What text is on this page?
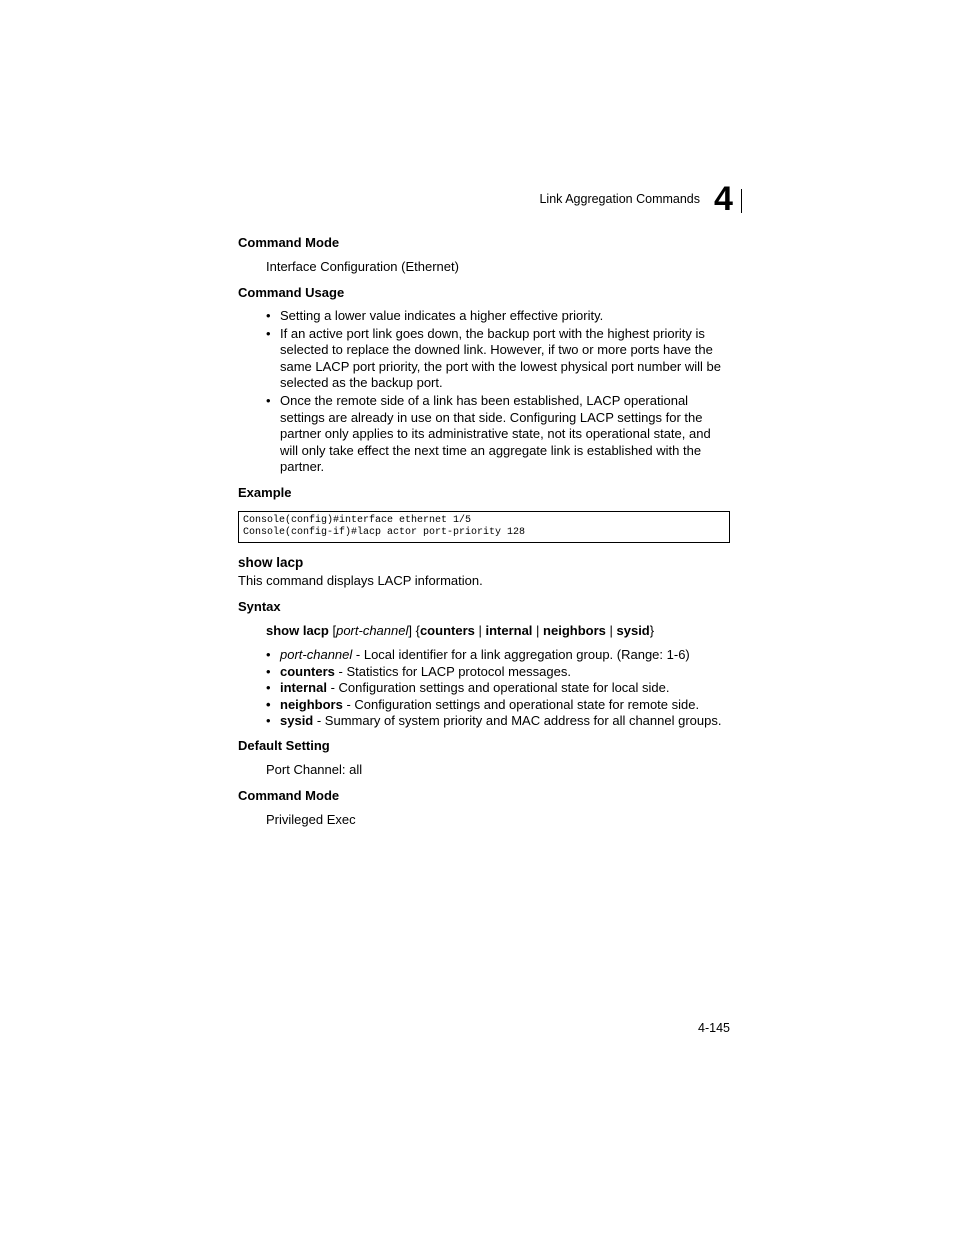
Link Aggregation Commands 4
Command Mode
Interface Configuration (Ethernet)
Command Usage
• Setting a lower value indicates a higher effective priority.
• If an active port link goes down, the backup port with the highest priority is selected to replace the downed link. However, if two or more ports have the same LACP port priority, the port with the lowest physical port number will be selected as the backup port.
• Once the remote side of a link has been established, LACP operational settings are already in use on that side. Configuring LACP settings for the partner only applies to its administrative state, not its operational state, and will only take effect the next time an aggregate link is established with the partner.
Example
Console(config)#interface ethernet 1/5
Console(config-if)#lacp actor port-priority 128
show lacp
This command displays LACP information.
Syntax
show lacp [port-channel] {counters | internal | neighbors | sysid}
• port-channel - Local identifier for a link aggregation group. (Range: 1-6)
• counters - Statistics for LACP protocol messages.
• internal - Configuration settings and operational state for local side.
• neighbors - Configuration settings and operational state for remote side.
• sysid - Summary of system priority and MAC address for all channel groups.
Default Setting
Port Channel: all
Command Mode
Privileged Exec
4-145
